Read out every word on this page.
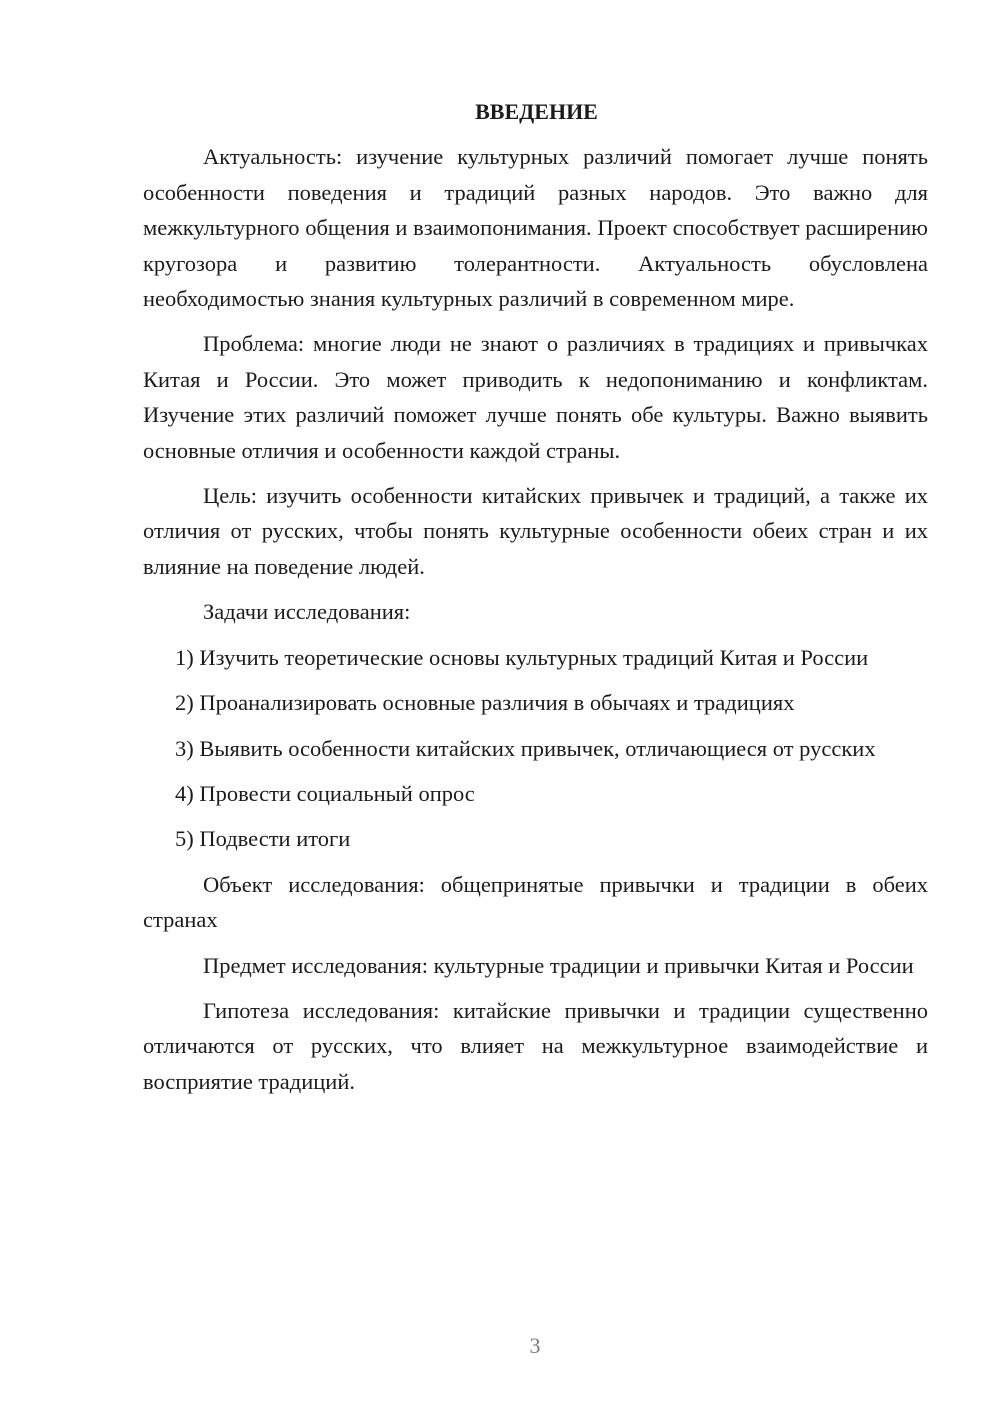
ВВЕДЕНИЕ

Актуальность: изучение культурных различий помогает лучше понять особенности поведения и традиций разных народов. Это важно для межкультурного общения и взаимопонимания. Проект способствует расширению кругозора и развитию толерантности. Актуальность обусловлена необходимостью знания культурных различий в современном мире.

Проблема: многие люди не знают о различиях в традициях и привычках Китая и России. Это может приводить к недопониманию и конфликтам. Изучение этих различий поможет лучше понять обе культуры. Важно выявить основные отличия и особенности каждой страны.

Цель: изучить особенности китайских привычек и традиций, а также их отличия от русских, чтобы понять культурные особенности обеих стран и их влияние на поведение людей.

Задачи исследования:

1) Изучить теоретические основы культурных традиций Китая и России

2) Проанализировать основные различия в обычаях и традициях

3) Выявить особенности китайских привычек, отличающиеся от русских

4) Провести социальный опрос

5) Подвести итоги

Объект исследования: общепринятые привычки и традиции в обеих странах

Предмет исследования: культурные традиции и привычки Китая и России

Гипотеза исследования: китайские привычки и традиции существенно отличаются от русских, что влияет на межкультурное взаимодействие и восприятие традиций.

3
